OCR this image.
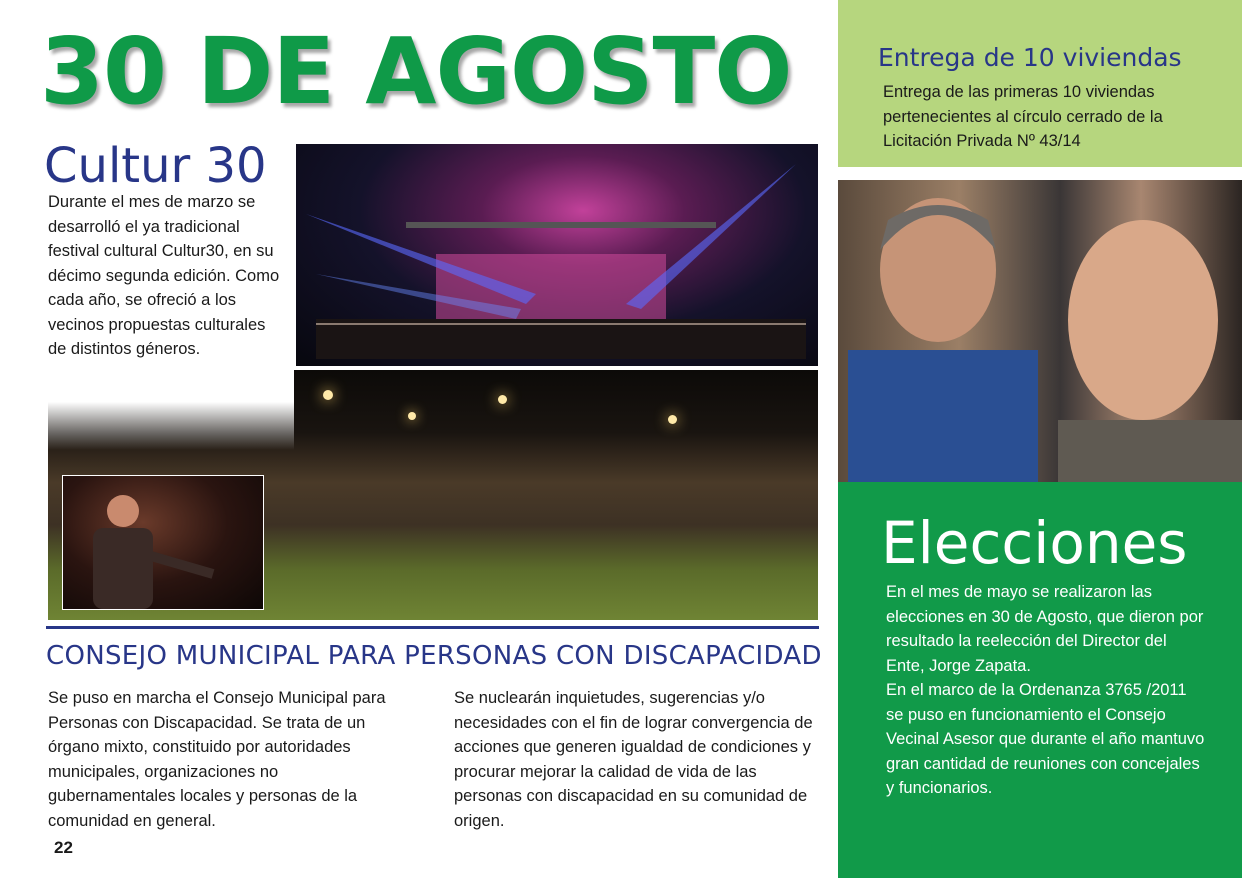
30 DE AGOSTO
Cultur 30
Durante el mes de marzo se desarrolló el ya tradicional festival cultural Cultur30, en su décimo segunda edición. Como cada año, se ofreció a los vecinos propuestas culturales de distintos géneros.
CONSEJO MUNICIPAL PARA PERSONAS CON DISCAPACIDAD
Se puso en marcha el Consejo Municipal para Personas con Discapacidad. Se trata de un órgano mixto, constituido por autoridades municipales, organizaciones no gubernamentales locales y personas de la comunidad en general.
Se nuclearán inquietudes, sugerencias y/o necesidades con el fin de lograr convergencia de acciones que generen igualdad de condiciones y procurar mejorar la calidad de vida de las personas con discapacidad en su comunidad de origen.
22
Entrega de 10 viviendas
Entrega de las primeras 10 viviendas pertenecientes al círculo cerrado de la Licitación Privada Nº 43/14
Elecciones
En el mes de mayo se realizaron las elecciones en 30 de Agosto, que dieron por resultado la reelección del Director del Ente, Jorge Zapata.
En el marco de la Ordenanza 3765 /2011 se puso en funcionamiento el Consejo Vecinal Asesor que durante el año mantuvo gran cantidad de reuniones con concejales y funcionarios.
